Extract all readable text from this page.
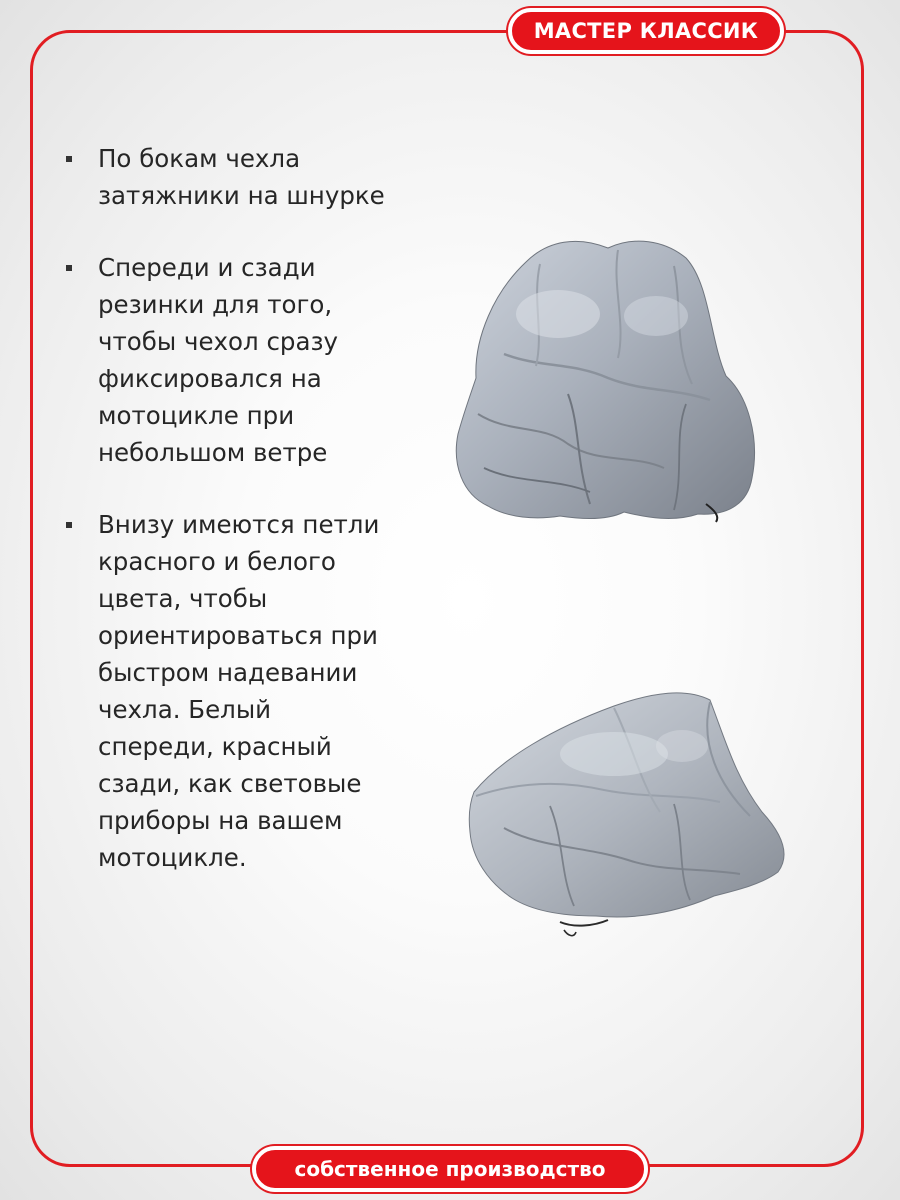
МАСТЕР КЛАССИК
По бокам чехла затяжники на шнурке
Спереди и сзади резинки для того, чтобы чехол сразу фиксировался на мотоцикле при небольшом ветре
Внизу имеются петли красного и белого цвета, чтобы ориентироваться при быстром надевании чехла. Белый спереди, красный сзади, как световые приборы на вашем мотоцикле.
собственное производство
